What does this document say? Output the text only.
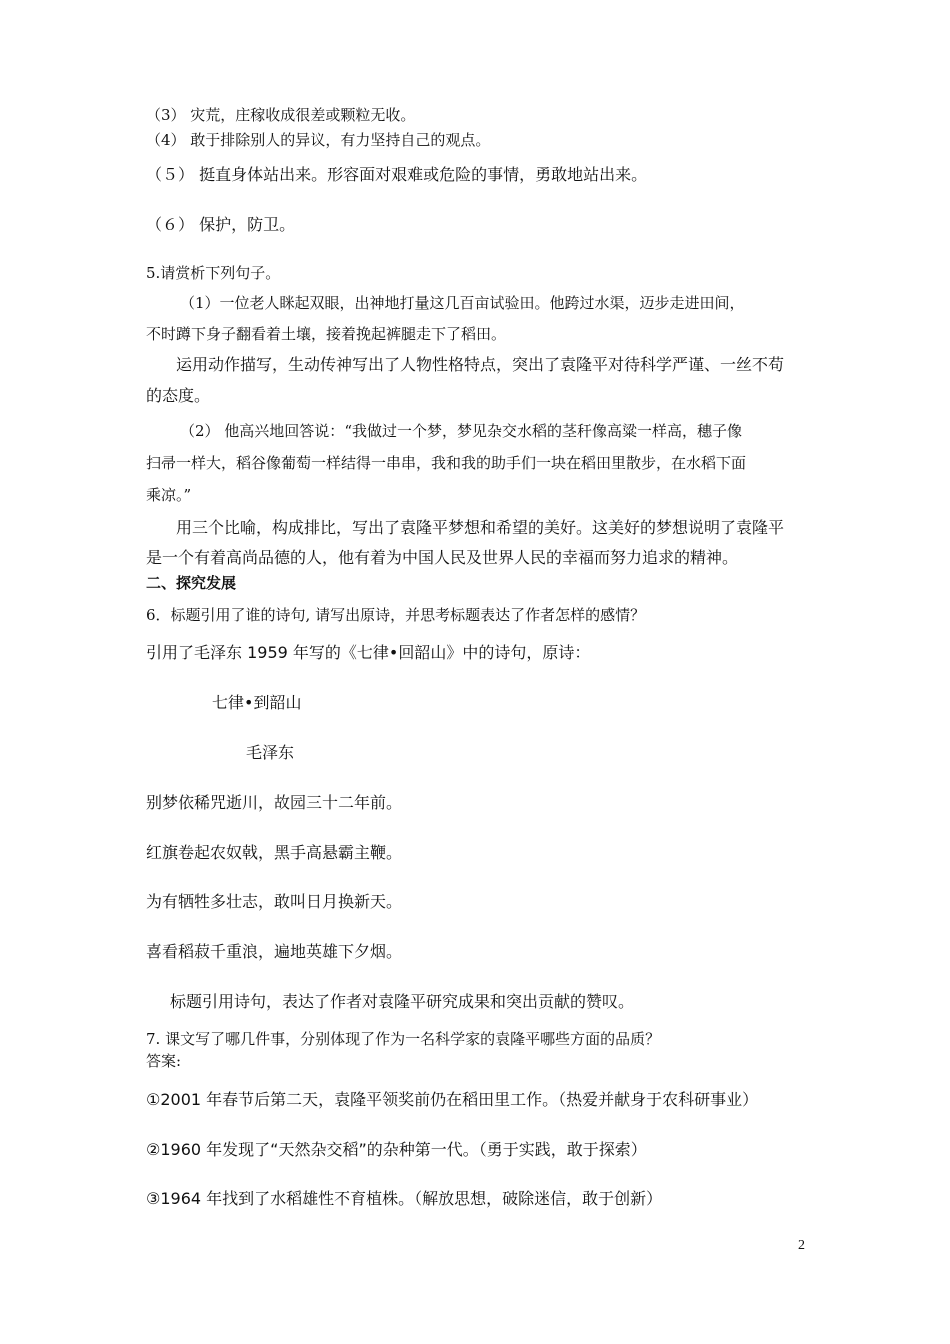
（3） 灾荒，庄稼收成很差或颗粒无收。
（4） 敢于排除别人的异议，有力坚持自己的观点。
（５） 挺直身体站出来。形容面对艰难或危险的事情，勇敢地站出来。
（６） 保护，防卫。
5.请赏析下列句子。
（1）一位老人眯起双眼，出神地打量这几百亩试验田。他跨过水渠，迈步走进田间，
不时蹲下身子翻看着土壤，接着挽起裤腿走下了稻田。
运用动作描写，生动传神写出了人物性格特点，突出了袁隆平对待科学严谨、一丝不苟
的态度。
（2） 他高兴地回答说：“我做过一个梦，梦见杂交水稻的茎秆像高粱一样高，穗子像
扫帚一样大，稻谷像葡萄一样结得一串串，我和我的助手们一块在稻田里散步，在水稻下面
乘凉。”
用三个比喻，构成排比，写出了袁隆平梦想和希望的美好。这美好的梦想说明了袁隆平
是一个有着高尚品德的人，他有着为中国人民及世界人民的幸福而努力追求的精神。
二、探究发展
6．标题引用了谁的诗句, 请写出原诗，并思考标题表达了作者怎样的感情？
引用了毛泽东 1959 年写的《七律•回韶山》中的诗句，原诗：
七律•到韶山
毛泽东
别梦依稀咒逝川，故园三十二年前。
红旗卷起农奴戟，黑手高悬霸主鞭。
为有牺牲多壮志，敢叫日月换新天。
喜看稻菽千重浪，遍地英雄下夕烟。
标题引用诗句，表达了作者对袁隆平研究成果和突出贡献的赞叹。
7. 课文写了哪几件事，分别体现了作为一名科学家的袁隆平哪些方面的品质？
答案:
①2001 年春节后第二天，袁隆平领奖前仍在稻田里工作。（热爱并献身于农科研事业）
②1960 年发现了“天然杂交稻”的杂种第一代。（勇于实践，敢于探索）
③1964 年找到了水稻雄性不育植株。（解放思想，破除迷信，敢于创新）
2
